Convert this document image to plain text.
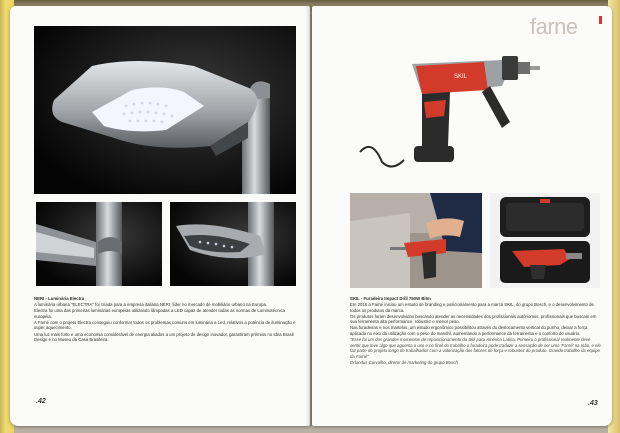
NERI - Luminária Electra

A luminária urbana "ELECTRA" foi criada para a empresa italiana NERI, líder no mercado de mobiliário urbano na Europa.

Electra foi uma das primeiras luminárias européias utilizando lâmpadas a LED capaz de atender todas as normas de Luminotécnica européia.

A Farné com o projeto Electra conseguiu conformar todos os problemas comuns em luminária a Led, relativos a potência de iluminação e super aquecimento.

Uma luz mais forte e uma economia considerável de energia aliados a um projeto de design inovador, garantiram prêmios no Idea Brasil Design e no Museu da Casa Brasileira.

.42
SKIL
farne

SKIL - Furadeira Impact Drill 750W Bitm

Em 2016 a Farné iniciou um estudo de branding e posicionamento para a marca SKIL, do grupo Bosch, e o desenvolvimento de todos os produtos da marca.

Os produtos foram desenvolvidos buscando atender as necessidades dos profissionais autônomos, profissionais que buscam em sua ferramenta alta performance, robustez e menor peso.

Nas furadeiras e nos martelos, um estudo ergonômico possibilitou através do deslocamento vertical do punho, deixar a força aplicada no eixo da utilização com o peso do mandril, aumentando a performance da ferramenta e o conforto do usuário.

"Esse foi um dos grandes momentos de reposicionamento da Skil para América Latina. Primeiro o profissional realmente deve sentir que teve algo que aguenta o uso e no final do trabalho a furadeira pode traduzir a sensação de ser uma 'Farné' na mão, e ele faz parte do projeto longo de trabalhados com a valorização dos fatores de força e robustez do produto. Grande trabalho da equipe da Farné"

Orlandus Carvalho, diretor de marketing do grupo Bosch

.43
